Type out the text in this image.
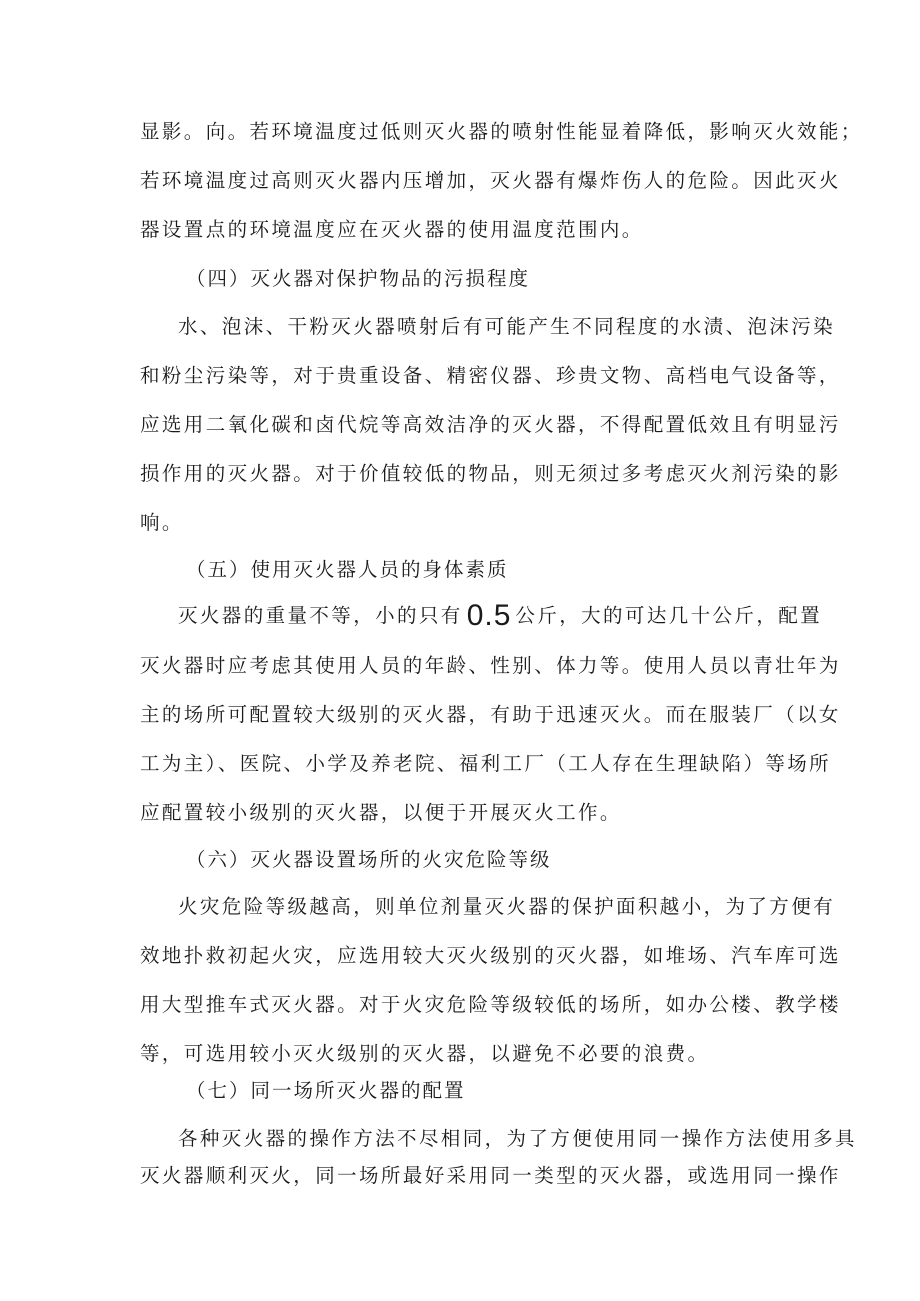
显影。向。若环境温度过低则灭火器的喷射性能显着降低，影响灭火效能；
若环境温度过高则灭火器内压增加，灭火器有爆炸伤人的危险。因此灭火
器设置点的环境温度应在灭火器的使用温度范围内。
（四）灭火器对保护物品的污损程度
水、泡沫、干粉灭火器喷射后有可能产生不同程度的水渍、泡沫污染
和粉尘污染等，对于贵重设备、精密仪器、珍贵文物、高档电气设备等，
应选用二氧化碳和卤代烷等高效洁净的灭火器，不得配置低效且有明显污
损作用的灭火器。对于价值较低的物品，则无须过多考虑灭火剂污染的影
响。
（五）使用灭火器人员的身体素质
灭火器的重量不等，小的只有 0.5 公斤，大的可达几十公斤，配置
灭火器时应考虑其使用人员的年龄、性别、体力等。使用人员以青壮年为
主的场所可配置较大级别的灭火器，有助于迅速灭火。而在服装厂（以女
工为主）、医院、小学及养老院、福利工厂（工人存在生理缺陷）等场所
应配置较小级别的灭火器，以便于开展灭火工作。
（六）灭火器设置场所的火灾危险等级
火灾危险等级越高，则单位剂量灭火器的保护面积越小，为了方便有
效地扑救初起火灾，应选用较大灭火级别的灭火器，如堆场、汽车库可选
用大型推车式灭火器。对于火灾危险等级较低的场所，如办公楼、教学楼
等，可选用较小灭火级别的灭火器，以避免不必要的浪费。
（七）同一场所灭火器的配置
各种灭火器的操作方法不尽相同，为了方便使用同一操作方法使用多具
灭火器顺利灭火，同一场所最好采用同一类型的灭火器，或选用同一操作
